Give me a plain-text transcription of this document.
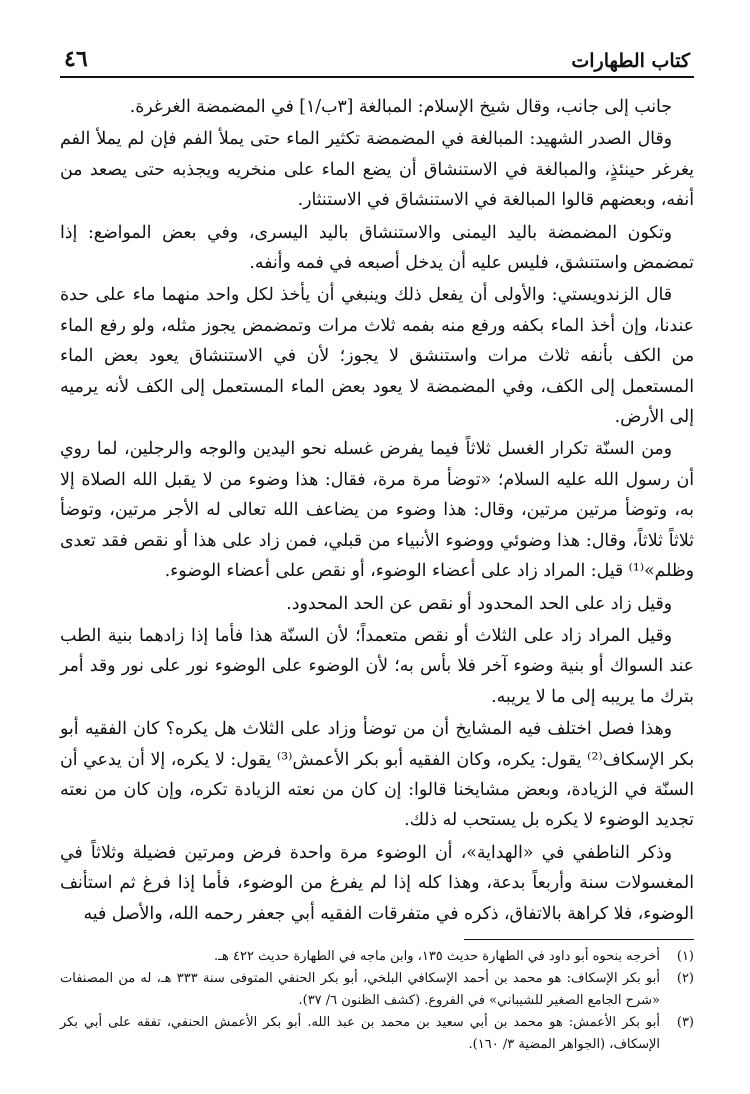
كتاب الطهارات
٤٦

جانب إلى جانب، وقال شيخ الإسلام: المبالغة [٣ب/١] في المضمضة الغرغرة.

وقال الصدر الشهيد: المبالغة في المضمضة تكثير الماء حتى يملأ الفم فإن لم يملأ الفم يغرغر حينئذٍ، والمبالغة في الاستنشاق أن يضع الماء على منخريه ويجذبه حتى يصعد من أنفه، وبعضهم قالوا المبالغة في الاستنشاق في الاستنثار.

وتكون المضمضة باليد اليمنى والاستنشاق باليد اليسرى، وفي بعض المواضع: إذا تمضمض واستنشق، فليس عليه أن يدخل أصبعه في فمه وأنفه.

قال الزندويستي: والأولى أن يفعل ذلك وينبغي أن يأخذ لكل واحد منهما ماء على حدة عندنا، وإن أخذ الماء بكفه ورفع منه بفمه ثلاث مرات وتمضمض يجوز مثله، ولو رفع الماء من الكف بأنفه ثلاث مرات واستنشق لا يجوز؛ لأن في الاستنشاق يعود بعض الماء المستعمل إلى الكف، وفي المضمضة لا يعود بعض الماء المستعمل إلى الكف لأنه يرميه إلى الأرض.

ومن السنّة تكرار الغسل ثلاثاً فيما يفرض غسله نحو اليدين والوجه والرجلين، لما روي أن رسول الله عليه السلام؛ «توضأ مرة مرة، فقال: هذا وضوء من لا يقبل الله الصلاة إلا به، وتوضأ مرتين مرتين، وقال: هذا وضوء من يضاعف الله تعالى له الأجر مرتين، وتوضأ ثلاثاً ثلاثاً، وقال: هذا وضوئي ووضوء الأنبياء من قبلي، فمن زاد على هذا أو نقص فقد تعدى وظلم»⁽¹⁾ قيل: المراد زاد على أعضاء الوضوء، أو نقص على أعضاء الوضوء.

وقيل زاد على الحد المحدود أو نقص عن الحد المحدود.

وقيل المراد زاد على الثلاث أو نقص متعمداً؛ لأن السنّة هذا فأما إذا زادهما بنية الطب عند السواك أو بنية وضوء آخر فلا بأس به؛ لأن الوضوء على الوضوء نور على نور وقد أمر بترك ما يريبه إلى ما لا يريبه.

وهذا فصل اختلف فيه المشايخ أن من توضأ وزاد على الثلاث هل يكره؟ كان الفقيه أبو بكر الإسكاف⁽²⁾ يقول: يكره، وكان الفقيه أبو بكر الأعمش⁽³⁾ يقول: لا يكره، إلا أن يدعي أن السنّة في الزيادة، وبعض مشايخنا قالوا: إن كان من نعته الزيادة تكره، وإن كان من نعته تجديد الوضوء لا يكره بل يستحب له ذلك.

وذكر الناطفي في «الهداية»، أن الوضوء مرة واحدة فرض ومرتين فضيلة وثلاثاً في المغسولات سنة وأربعاً بدعة، وهذا كله إذا لم يفرغ من الوضوء، فأما إذا فرغ ثم استأنف الوضوء، فلا كراهة بالاتفاق، ذكره في متفرقات الفقيه أبي جعفر رحمه الله، والأصل فيه

(١)
أخرجه بنحوه أبو داود في الطهارة حديث ١٣٥، وابن ماجه في الطهارة حديث ٤٢٢ هـ.
(٢)
أبو بكر الإسكاف: هو محمد بن أحمد الإسكافي البلخي، أبو بكر الحنفي المتوفى سنة ٣٣٣ هـ، له من المصنفات «شرح الجامع الصغير للشيباني» في الفروع. (كشف الظنون ٦/ ٣٧).
(٣)
أبو بكر الأعمش: هو محمد بن أبي سعيد بن محمد بن عبد الله. أبو بكر الأعمش الحنفي، تفقه على أبي بكر الإسكاف، (الجواهر المضية ٣/ ١٦٠).
